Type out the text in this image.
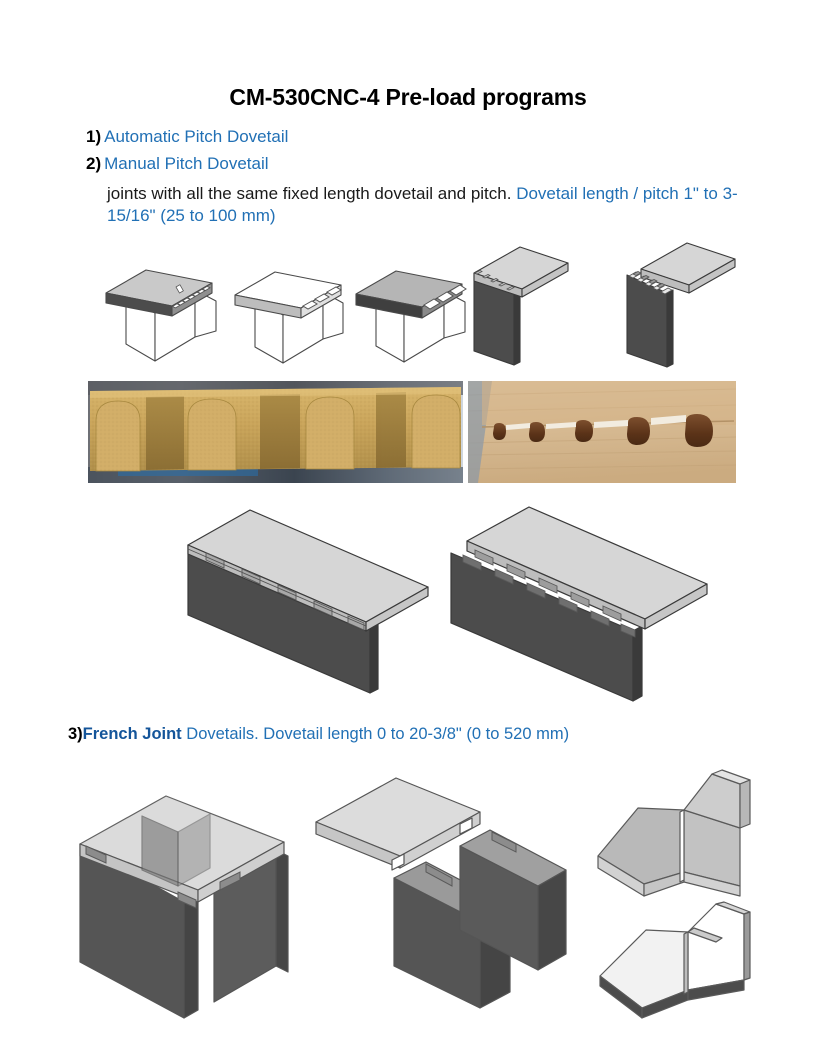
CM-530CNC-4 Pre-load programs
1) Automatic Pitch Dovetail
2) Manual Pitch Dovetail
joints with all the same fixed length dovetail and pitch. Dovetail length / pitch 1" to 3-15/16" (25 to 100 mm)
3)French Joint Dovetails. Dovetail length 0 to 20-3/8" (0 to 520 mm)
